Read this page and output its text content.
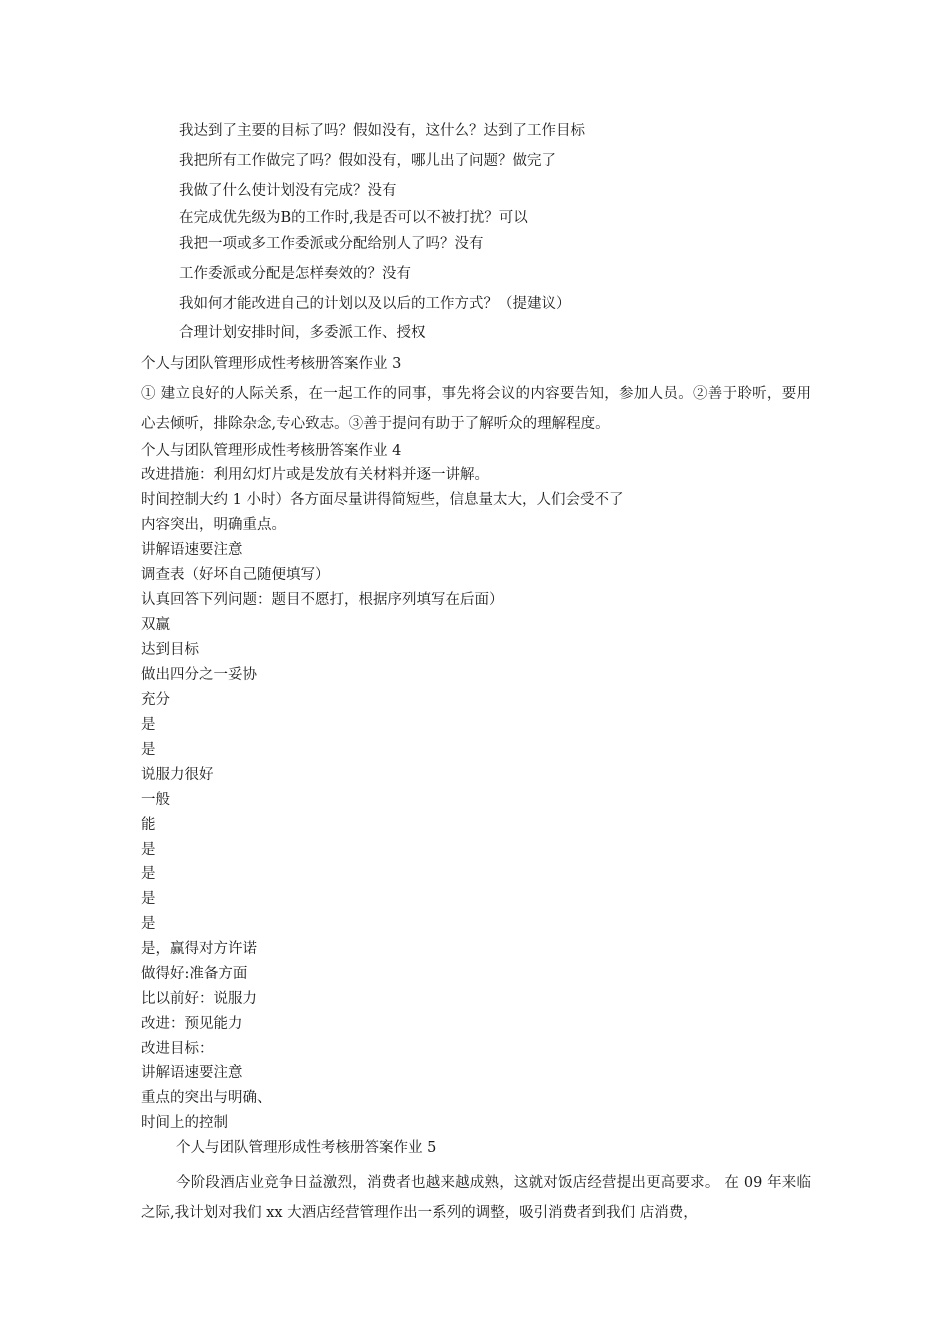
我达到了主要的目标了吗？假如没有，这什么？达到了工作目标
我把所有工作做完了吗？假如没有，哪儿出了问题？做完了
我做了什么使计划没有完成？没有
在完成优先级为B的工作时,我是否可以不被打扰？可以
我把一项或多工作委派或分配给别人了吗？没有
工作委派或分配是怎样奏效的？没有
我如何才能改进自己的计划以及以后的工作方式？（提建议）
合理计划安排时间，多委派工作、授权
个人与团队管理形成性考核册答案作业 3
① 建立良好的人际关系，在一起工作的同事，事先将会议的内容要告知，参加人员。②善于聆听，要用心去倾听，排除杂念,专心致志。③善于提问有助于了解听众的理解程度。
个人与团队管理形成性考核册答案作业 4
改进措施：利用幻灯片或是发放有关材料并逐一讲解。
时间控制大约 1 小时）各方面尽量讲得简短些，信息量太大，人们会受不了
内容突出，明确重点。
讲解语速要注意
调查表（好坏自己随便填写）
认真回答下列问题：题目不愿打，根据序列填写在后面）
双赢
达到目标
做出四分之一妥协
充分
是
是
说服力很好
一般
能
是
是
是
是
是，赢得对方许诺
做得好:准备方面
比以前好：说服力
改进：预见能力
改进目标：
讲解语速要注意
重点的突出与明确、
时间上的控制
个人与团队管理形成性考核册答案作业 5
今阶段酒店业竞争日益激烈，消费者也越来越成熟，这就对饭店经营提出更高要求。 在 09 年来临之际,我计划对我们 xx 大酒店经营管理作出一系列的调整，吸引消费者到我们 店消费，
